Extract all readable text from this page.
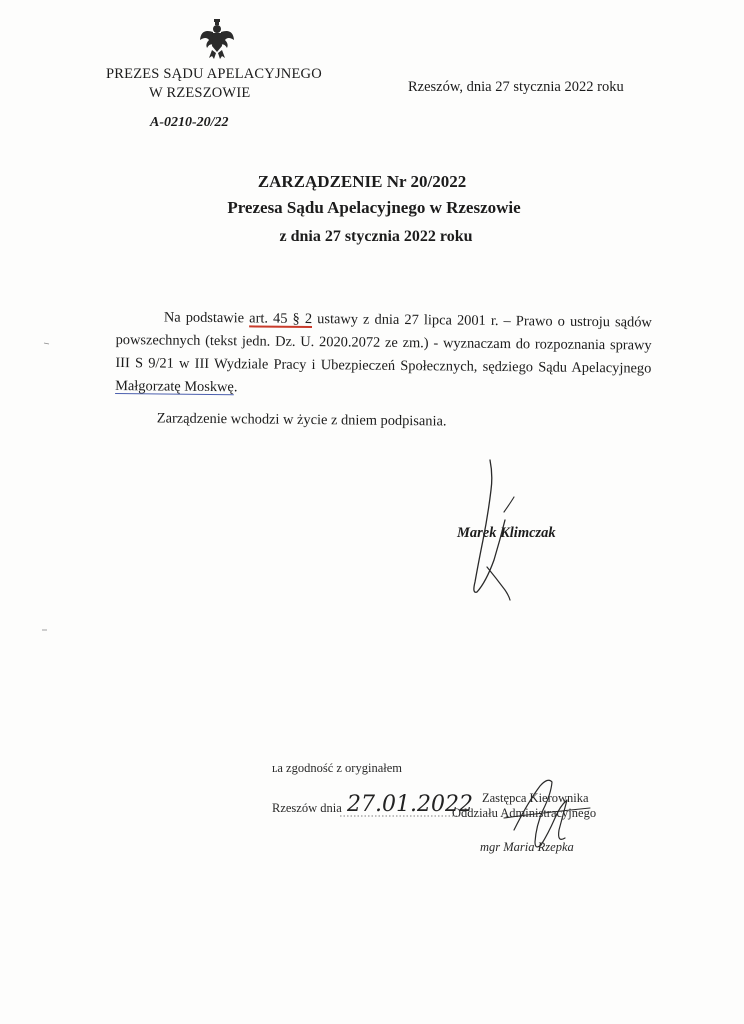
PREZES SĄDU APELACYJNEGO
W RZESZOWIE	Rzeszów, dnia 27 stycznia 2022 roku
A-0210-20/22
ZARZĄDZENIE Nr 20/2022
Prezesa Sądu Apelacyjnego w Rzeszowie
z dnia 27 stycznia 2022 roku

Na podstawie art. 45 § 2 ustawy z dnia 27 lipca 2001 r. – Prawo o ustroju sądów powszechnych (tekst jedn. Dz. U. 2020.2072 ze zm.) - wyznaczam do rozpoznania sprawy III S 9/21 w III Wydziale Pracy i Ubezpieczeń Społecznych, sędziego Sądu Apelacyjnego Małgorzatę Moskwę.

Zarządzenie wchodzi w życie z dniem podpisania.

Marek Klimczak
ʟa zgodność z oryginałem
Rzeszów dnia 27.01.2022 Zastępca Kierownika
Oddziału Administracyjnego
mgr Maria Rzepka
